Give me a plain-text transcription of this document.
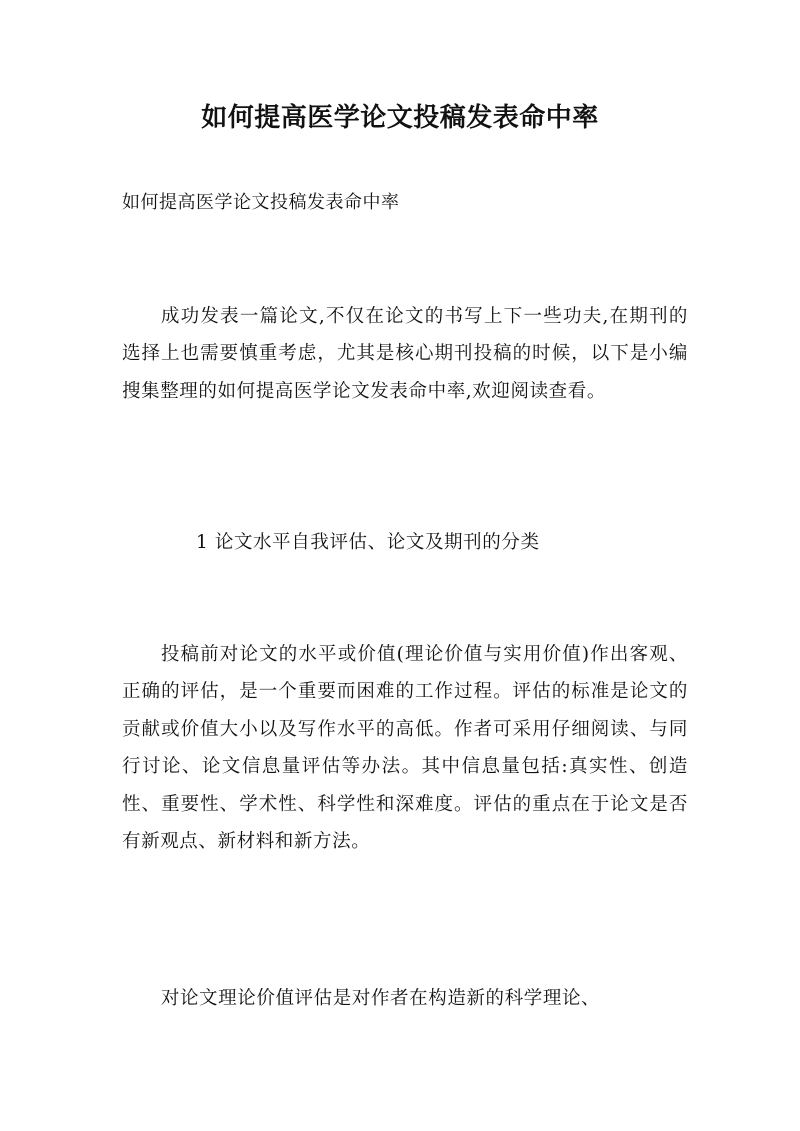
如何提高医学论文投稿发表命中率

如何提高医学论文投稿发表命中率

成功发表一篇论文,不仅在论文的书写上下一些功夫,在期刊的选择上也需要慎重考虑，尤其是核心期刊投稿的时候，以下是小编搜集整理的如何提高医学论文发表命中率,欢迎阅读查看。

1 论文水平自我评估、论文及期刊的分类

投稿前对论文的水平或价值(理论价值与实用价值)作出客观、正确的评估，是一个重要而困难的工作过程。评估的标准是论文的贡献或价值大小以及写作水平的高低。作者可采用仔细阅读、与同行讨论、论文信息量评估等办法。其中信息量包括:真实性、创造性、重要性、学术性、科学性和深难度。评估的重点在于论文是否有新观点、新材料和新方法。

对论文理论价值评估是对作者在构造新的科学理论、
